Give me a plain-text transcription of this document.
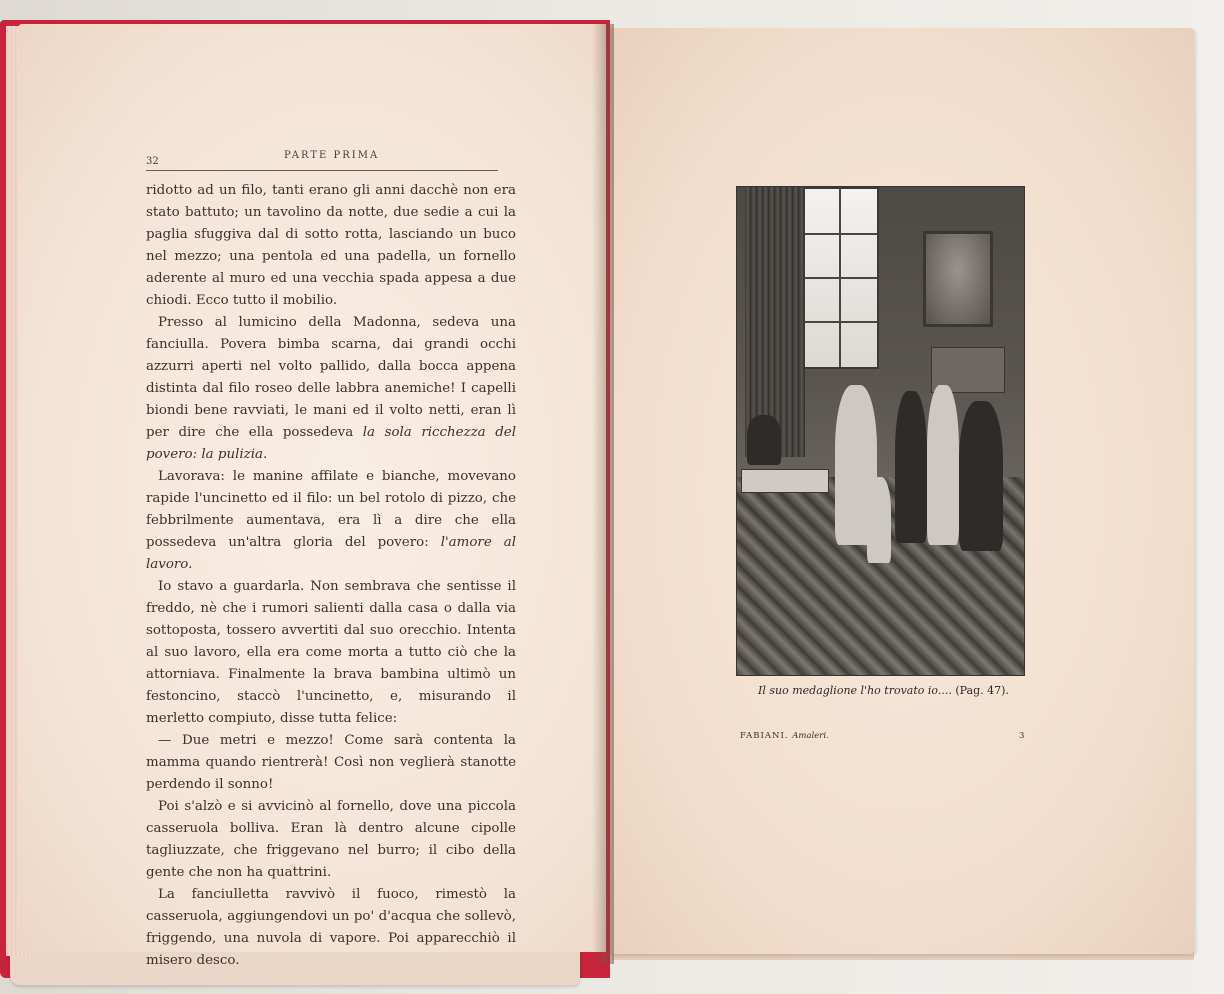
32
PARTE PRIMA

ridotto ad un filo, tanti erano gli anni dacchè non era stato battuto; un tavolino da notte, due sedie a cui la paglia sfuggiva dal di sotto rotta, lasciando un buco nel mezzo; una pentola ed una padella, un fornello aderente al muro ed una vecchia spada appesa a due chiodi. Ecco tutto il mobilio.

Presso al lumicino della Madonna, sedeva una fanciulla. Povera bimba scarna, dai grandi occhi azzurri aperti nel volto pallido, dalla bocca appena distinta dal filo roseo delle labbra anemiche! I capelli biondi bene ravviati, le mani ed il volto netti, eran lì per dire che ella possedeva la sola ricchezza del povero: la pulizia.

Lavorava: le manine affilate e bianche, movevano rapide l'uncinetto ed il filo: un bel rotolo di pizzo, che febbrilmente aumentava, era lì a dire che ella possedeva un'altra gloria del povero: l'amore al lavoro.

Io stavo a guardarla. Non sembrava che sentisse il freddo, nè che i rumori salienti dalla casa o dalla via sottoposta, tossero avvertiti dal suo orecchio. Intenta al suo lavoro, ella era come morta a tutto ciò che la attorniava. Finalmente la brava bambina ultimò un festoncino, staccò l'uncinetto, e, misurando il merletto compiuto, disse tutta felice:

— Due metri e mezzo! Come sarà contenta la mamma quando rientrerà! Così non veglierà stanotte perdendo il sonno!

Poi s'alzò e si avvicinò al fornello, dove una piccola casseruola bolliva. Eran là dentro alcune cipolle tagliuzzate, che friggevano nel burro; il cibo della gente che non ha quattrini.

La fanciulletta ravvivò il fuoco, rimestò la casseruola, aggiungendovi un po' d'acqua che sollevò, friggendo, una nuvola di vapore. Poi apparecchiò il misero desco.

Il suo medaglione l'ho trovato io.... (Pag. 47).
FABIANI. Amaleri.	3
